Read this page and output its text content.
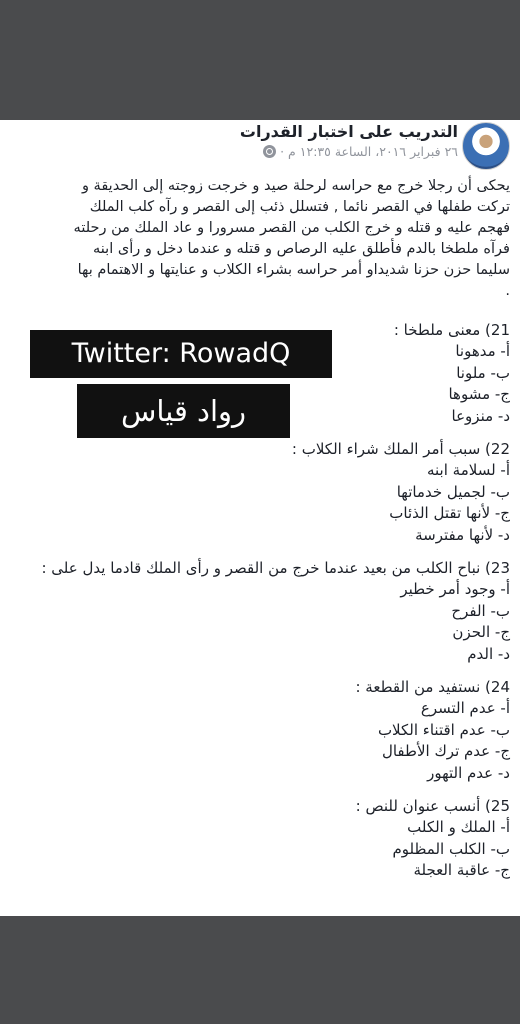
التدريب على اختبار القدرات
٢٦ فبراير ٢٠١٦، الساعة ١٢:٣٥ م ·

يحكى أن رجلا خرج مع حراسه لرحلة صيد و خرجت زوجته إلى الحديقة و

تركت طفلها في القصر نائما , فتسلل ذئب إلى القصر و رآه كلب الملك

فهجم عليه و قتله و خرج الكلب من القصر مسرورا و عاد الملك من رحلته

فرآه ملطخا بالدم فأطلق عليه الرصاص و قتله و عندما دخل و رأى ابنه

سليما حزن حزنا شديداو أمر حراسه بشراء الكلاب و عنايتها و الاهتمام بها

.

21) معنى ملطخا :
أ- مدهونا
ب- ملونا
ج- مشوها
د- منزوعا
22) سبب أمر الملك شراء الكلاب :
أ- لسلامة ابنه
ب- لجميل خدماتها
ج- لأنها تقتل الذئاب
د- لأنها مفترسة
23) نباح الكلب من بعيد عندما خرج من القصر و رأى الملك قادما يدل على :
أ- وجود أمر خطير
ب- الفرح
ج- الحزن
د- الدم
24) نستفيد من القطعة :
أ- عدم التسرع
ب- عدم اقتناء الكلاب
ج- عدم ترك الأطفال
د- عدم التهور
25) أنسب عنوان للنص :
أ- الملك و الكلب
ب- الكلب المظلوم
ج- عاقبة العجلة
Twitter: RowadQ
رواد قياس
